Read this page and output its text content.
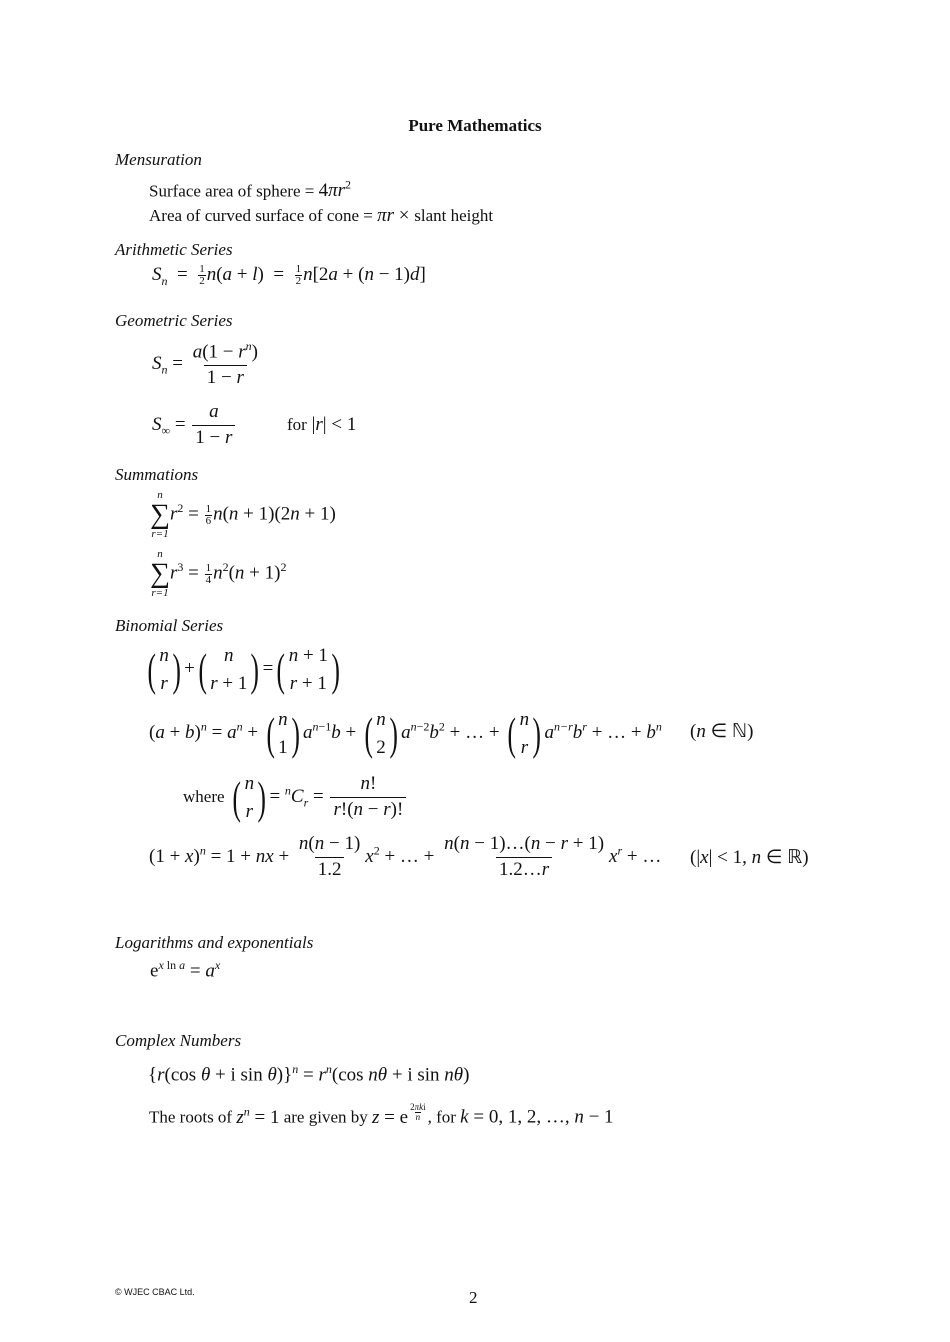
Pure Mathematics
Mensuration
Surface area of sphere = $4\pi r^2$
Area of curved surface of cone = πr × slant height
Arithmetic Series
$S_n = \frac{1}{2} n(a + l) = \frac{1}{2} n[2a + (n - 1)d]$
Geometric Series
$S_n = \frac{a(1 - r^n)}{1 - r}$
$S_\infty = \frac{a}{1 - r}$	for |r| < 1
Summations
n
∑
r=1
$r^2 = \frac{1}{6} n(n + 1)(2n + 1)$
n
∑
r=1
$r^3 = \frac{1}{4} n^2(n + 1)^2$
Binomial Series
( n
r ) + ( n
r + 1 ) = ( n + 1
r + 1 )
$(a + b)^n = a^n$ + ( n
1 ) $a^{n-1}b$ + ( n
2 ) $a^{n-2}b^2$ + … + ( n
r ) $a^{n-r}b^r$ + … + $b^n$ (n ∈ ℕ)
where ( n
r ) = $^nC_r = \frac{n!}{r!(n - r)!}$
$(1 + x)^n = 1$ + nx + $\frac{n(n - 1)}{1.2} x^2$ + … + $\frac{n(n - 1)\dots(n - r + 1)}{1.2\dots r} x^r$ + … (|x| < 1, n ∈ ℝ)
Logarithms and exponentials
$e^{x ln a} = a^x$
Complex Numbers
{r(cos θ + i $\sin \theta)\}^n = r^n(\cos$ nθ + i sin nθ)
The roots of $z^n = 1$ are given by z = e $^{2\pi ki n}$ , for k = 0, 1, 2, …, n − 1
© WJEC CBAC Ltd.	2
